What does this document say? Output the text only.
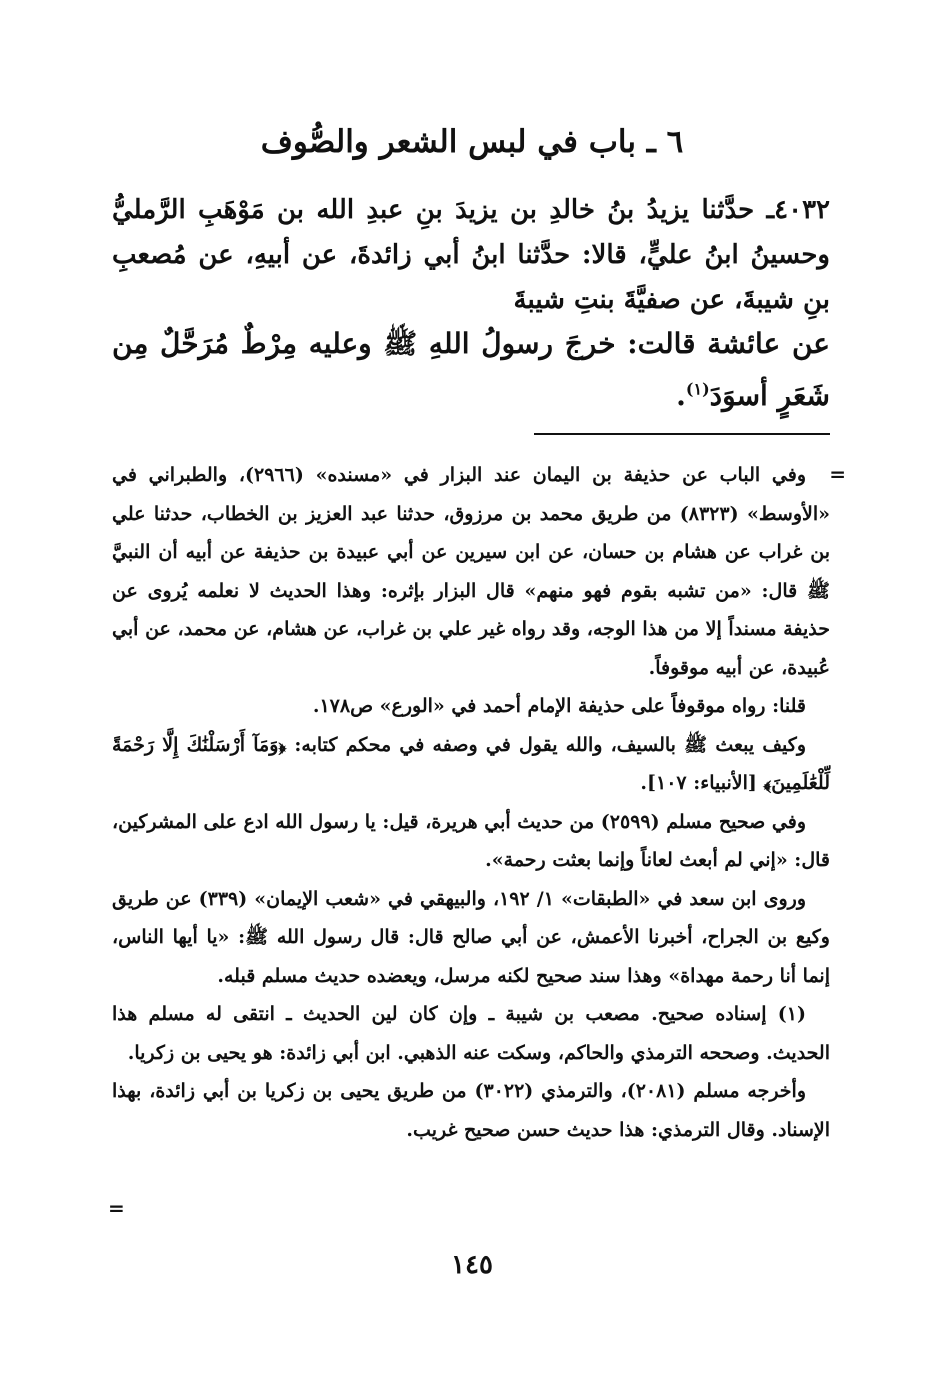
٦ ـ باب في لبس الشعر والصُّوف

٤٠٣٢ـ حدَّثنا يزيدُ بنُ خالدِ بن يزيدَ بنِ عبدِ الله بن مَوْهَبِ الرَّمليُّ وحسينُ ابنُ عليٍّ، قالا: حدَّثنا ابنُ أبي زائدةَ، عن أبيهِ، عن مُصعبِ بنِ شيبةَ، عن صفيَّةَ بنتِ شيبةَ

عن عائشة قالت: خرجَ رسولُ اللهِ ﷺ وعليه مِرْطٌ مُرَحَّلٌ مِن شَعَرٍ أسوَدَ$^{(١)}$.

=

وفي الباب عن حذيفة بن اليمان عند البزار في «مسنده» (٢٩٦٦)، والطبراني في «الأوسط» (٨٣٢٣) من طريق محمد بن مرزوق، حدثنا عبد العزيز بن الخطاب، حدثنا علي بن غراب عن هشام بن حسان، عن ابن سيرين عن أبي عبيدة بن حذيفة عن أبيه أن النبيَّ ﷺ قال: «من تشبه بقوم فهو منهم» قال البزار بإثره: وهذا الحديث لا نعلمه يُروى عن حذيفة مسنداً إلا من هذا الوجه، وقد رواه غير علي بن غراب، عن هشام، عن محمد، عن أبي عُبيدة، عن أبيه موقوفاً.

قلنا: رواه موقوفاً على حذيفة الإمام أحمد في «الورع» ص١٧٨.

وكيف يبعث ﷺ بالسيف، والله يقول في وصفه في محكم كتابه: ﴿وَمَآ أَرْسَلْنَٰكَ إِلَّا رَحْمَةً لِّلْعَٰلَمِينَ﴾ [الأنبياء: ١٠٧].

وفي صحيح مسلم (٢٥٩٩) من حديث أبي هريرة، قيل: يا رسول الله ادع على المشركين، قال: «إني لم أبعث لعاناً وإنما بعثت رحمة».

وروى ابن سعد في «الطبقات» ١/ ١٩٢، والبيهقي في «شعب الإيمان» (٣٣٩) عن طريق وكيع بن الجراح، أخبرنا الأعمش، عن أبي صالح قال: قال رسول الله ﷺ: «يا أيها الناس، إنما أنا رحمة مهداة» وهذا سند صحيح لكنه مرسل، ويعضده حديث مسلم قبله.

(١) إسناده صحيح. مصعب بن شيبة ـ وإن كان لين الحديث ـ انتقى له مسلم هذا الحديث. وصححه الترمذي والحاكم، وسكت عنه الذهبي. ابن أبي زائدة: هو يحيى بن زكريا.

وأخرجه مسلم (٢٠٨١)، والترمذي (٣٠٢٢) من طريق يحيى بن زكريا بن أبي زائدة، بهذا الإسناد. وقال الترمذي: هذا حديث حسن صحيح غريب.

=
١٤٥
